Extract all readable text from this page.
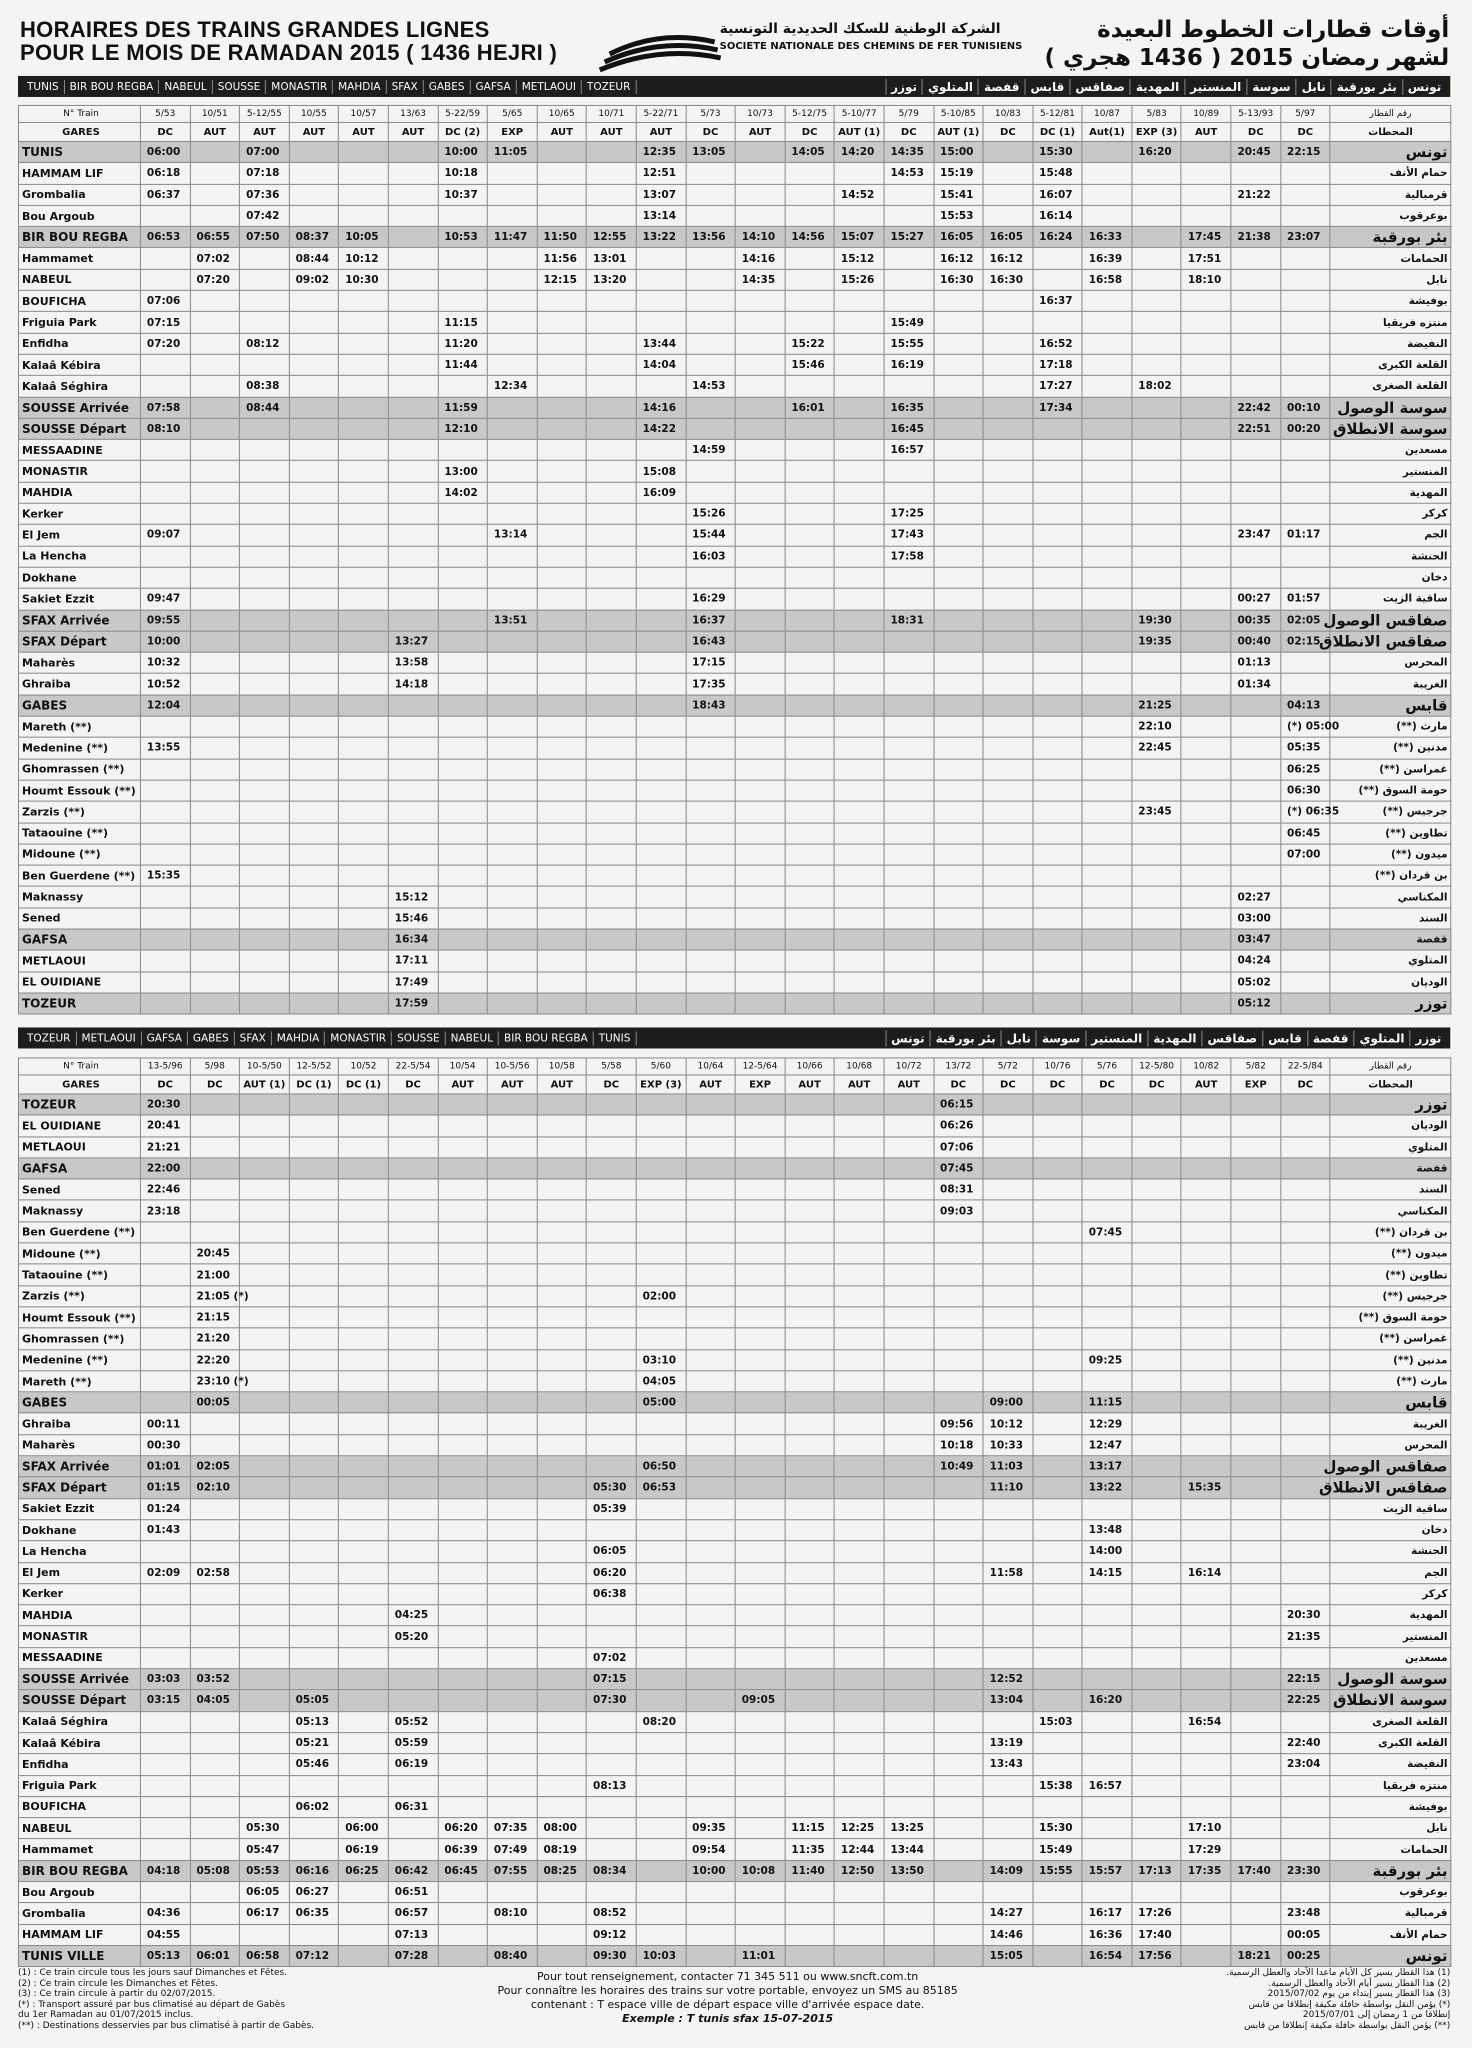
HORAIRES DES TRAINS GRANDES LIGNES
POUR LE MOIS DE RAMADAN 2015 ( 1436 HEJRI )
الشركة الوطنية للسكك الحديدية التونسية
SOCIETE NATIONALE DES CHEMINS DE FER TUNISIENS
أوقات قطارات الخطوط البعيدة
لشهر رمضان 2015 ( 1436 هجري )
TUNIS	BIR BOU REGBA	NABEUL	SOUSSE	MONASTIR	MAHDIA	SFAX	GABES	GAFSA	METLAOUI	TOZEUR	تونس
بئر بورقبة
نابل
سوسة
المنستير
المهدية
صفاقس
قابس
قفصة
المتلوي
توزر
N° Train	5/53	10/51	5-12/55	10/55	10/57	13/63	5-22/59	5/65	10/65	10/71	5-22/71	5/73	10/73	5-12/75	5-10/77	5/79	5-10/85	10/83	5-12/81	10/87	5/83	10/89	5-13/93	5/97	رقم القطار
GARES	DC	AUT	AUT	AUT	AUT	AUT	DC (2)	EXP	AUT	AUT	AUT	DC	AUT	DC	AUT (1)	DC	AUT (1)	DC	DC (1)	Aut(1)	EXP (3)	AUT	DC	DC	المحطات
TUNIS	06:00		07:00				10:00	11:05			12:35	13:05		14:05	14:20	14:35	15:00		15:30		16:20		20:45	22:15	تونس
HAMMAM LIF	06:18		07:18				10:18				12:51					14:53	15:19		15:48						حمام الأنف
Grombalia	06:37		07:36				10:37				13:07				14:52		15:41		16:07				21:22		قرمبالية
Bou Argoub			07:42								13:14						15:53		16:14						بوعرقوب
BIR BOU REGBA	06:53	06:55	07:50	08:37	10:05		10:53	11:47	11:50	12:55	13:22	13:56	14:10	14:56	15:07	15:27	16:05	16:05	16:24	16:33		17:45	21:38	23:07	بئر بورقبة
Hammamet		07:02		08:44	10:12				11:56	13:01			14:16		15:12		16:12	16:12		16:39		17:51			الحمامات
NABEUL		07:20		09:02	10:30				12:15	13:20			14:35		15:26		16:30	16:30		16:58		18:10			نابل
BOUFICHA	07:06																		16:37						بوفيشة
Friguia Park	07:15						11:15									15:49									منتزه فريقيا
Enfidha	07:20		08:12				11:20				13:44			15:22		15:55			16:52						النفيضة
Kalaâ Kébira							11:44				14:04			15:46		16:19			17:18						القلعة الكبرى
Kalaâ Séghira			08:38					12:34				14:53							17:27		18:02				القلعة الصغرى
SOUSSE Arrivée	07:58		08:44				11:59				14:16			16:01		16:35			17:34				22:42	00:10	سوسة الوصول
SOUSSE Départ	08:10						12:10				14:22					16:45							22:51	00:20	سوسة الانطلاق
MESSAADINE												14:59				16:57									مسعدين
MONASTIR							13:00				15:08														المنستير
MAHDIA							14:02				16:09														المهدية
Kerker												15:26				17:25									كركر
El Jem	09:07							13:14				15:44				17:43							23:47	01:17	الجم
La Hencha												16:03				17:58									الحنشة
Dokhane																									دخان
Sakiet Ezzit	09:47											16:29											00:27	01:57	ساقية الزيت
SFAX Arrivée	09:55							13:51				16:37				18:31					19:30		00:35	02:05	صفاقس الوصول
SFAX Départ	10:00					13:27						16:43									19:35		00:40	02:15	صفاقس الانطلاق
Maharès	10:32					13:58						17:15											01:13		المحرس
Ghraiba	10:52					14:18						17:35											01:34		الغريبة
GABES	12:04											18:43									21:25			04:13	قابس
Mareth (**)																					22:10			(*) 05:00	مارث (**)
Medenine (**)	13:55																				22:45			05:35	مدنين (**)
Ghomrassen (**)																								06:25	غمراسن (**)
Houmt Essouk (**)																								06:30	حومة السوق (**)
Zarzis (**)																					23:45			(*) 06:35	جرجيس (**)
Tataouine (**)																								06:45	تطاوين (**)
Midoune (**)																								07:00	ميدون (**)
Ben Guerdene (**)	15:35																								بن قردان (**)
Maknassy						15:12																	02:27		المكناسي
Sened						15:46																	03:00		السند
GAFSA						16:34																	03:47		قفصة
METLAOUI						17:11																	04:24		المتلوي
EL OUIDIANE						17:49																	05:02		الوديان
TOZEUR						17:59																	05:12		توزر
TOZEUR	METLAOUI	GAFSA	GABES	SFAX	MAHDIA	MONASTIR	SOUSSE	NABEUL	BIR BOU REGBA	TUNIS	توزر
المتلوي
قفصة
قابس
صفاقس
المهدية
المنستير
سوسة
نابل
بئر بورقبة
تونس
N° Train	13-5/96	5/98	10-5/50	12-5/52	10/52	22-5/54	10/54	10-5/56	10/58	5/58	5/60	10/64	12-5/64	10/66	10/68	10/72	13/72	5/72	10/76	5/76	12-5/80	10/82	5/82	22-5/84	رقم القطار
GARES	DC	DC	AUT (1)	DC (1)	DC (1)	DC	AUT	AUT	AUT	DC	EXP (3)	AUT	EXP	AUT	AUT	AUT	DC	DC	DC	DC	DC	AUT	EXP	DC	المحطات
TOZEUR	20:30																06:15								توزر
EL OUIDIANE	20:41																06:26								الوديان
METLAOUI	21:21																07:06								المتلوي
GAFSA	22:00																07:45								قفصة
Sened	22:46																08:31								السند
Maknassy	23:18																09:03								المكناسي
Ben Guerdene (**)																				07:45					بن قردان (**)
Midoune (**)		20:45																							ميدون (**)
Tataouine (**)		21:00																							تطاوين (**)
Zarzis (**)		21:05 (*)									02:00														جرجيس (**)
Houmt Essouk (**)		21:15																							حومة السوق (**)
Ghomrassen (**)		21:20																							غمراسن (**)
Medenine (**)		22:20									03:10									09:25					مدنين (**)
Mareth (**)		23:10 (*)									04:05														مارث (**)
GABES		00:05									05:00							09:00		11:15					قابس
Ghraiba	00:11																09:56	10:12		12:29					الغريبة
Maharès	00:30																10:18	10:33		12:47					المحرس
SFAX Arrivée	01:01	02:05									06:50						10:49	11:03		13:17					صفاقس الوصول
SFAX Départ	01:15	02:10								05:30	06:53							11:10		13:22		15:35			صفاقس الانطلاق
Sakiet Ezzit	01:24									05:39															ساقية الزيت
Dokhane	01:43																			13:48					دخان
La Hencha										06:05										14:00					الحنشة
El Jem	02:09	02:58								06:20								11:58		14:15		16:14			الجم
Kerker										06:38															كركر
MAHDIA						04:25																		20:30	المهدية
MONASTIR						05:20																		21:35	المنستير
MESSAADINE										07:02															مسعدين
SOUSSE Arrivée	03:03	03:52								07:15								12:52						22:15	سوسة الوصول
SOUSSE Départ	03:15	04:05		05:05						07:30			09:05					13:04		16:20				22:25	سوسة الانطلاق
Kalaâ Séghira				05:13		05:52					08:20								15:03			16:54			القلعة الصغرى
Kalaâ Kébira				05:21		05:59												13:19						22:40	القلعة الكبرى
Enfidha				05:46		06:19												13:43						23:04	النفيضة
Friguia Park										08:13									15:38	16:57					منتزه فريقيا
BOUFICHA				06:02		06:31																			بوفيشة
NABEUL			05:30		06:00		06:20	07:35	08:00			09:35		11:15	12:25	13:25			15:30			17:10			نابل
Hammamet			05:47		06:19		06:39	07:49	08:19			09:54		11:35	12:44	13:44			15:49			17:29			الحمامات
BIR BOU REGBA	04:18	05:08	05:53	06:16	06:25	06:42	06:45	07:55	08:25	08:34		10:00	10:08	11:40	12:50	13:50		14:09	15:55	15:57	17:13	17:35	17:40	23:30	بئر بورقبة
Bou Argoub			06:05	06:27		06:51																			بوعرقوب
Grombalia	04:36		06:17	06:35		06:57		08:10		08:52								14:27		16:17	17:26			23:48	قرمبالية
HAMMAM LIF	04:55					07:13				09:12								14:46		16:36	17:40			00:05	حمام الأنف
TUNIS VILLE	05:13	06:01	06:58	07:12		07:28		08:40		09:30	10:03		11:01					15:05		16:54	17:56		18:21	00:25	تونس
(1) : Ce train circule tous les jours sauf Dimanches et Fêtes.
(2) : Ce train circule les Dimanches et Fêtes.
(3) : Ce train circule à partir du 02/07/2015.
(*) : Transport assuré par bus climatisé au départ de Gabès
du 1er Ramadan au 01/07/2015 inclus.
(**) : Destinations desservies par bus climatisé à partir de Gabès.
Pour tout renseignement, contacter 71 345 511 ou www.sncft.com.tn
Pour connaître les horaires des trains sur votre portable, envoyez un SMS au 85185
contenant : T espace ville de départ espace ville d'arrivée espace date.
Exemple : T tunis sfax 15-07-2015
(1) هذا القطار يسير كل الأيام ماعدا الآحاد والعطل الرسمية.
(2) هذا القطار يسير أيام الآحاد والعطل الرسمية.
(3) هذا القطار يسير إبتداء من يوم 2015/07/02
(*) يؤمن النقل بواسطة حافلة مكيفة إنطلاقا من قابس
إنطلاقا من 1 رمضان إلى 2015/07/01
(**) يؤمن النقل بواسطة حافلة مكيفة إنطلاقا من قابس
